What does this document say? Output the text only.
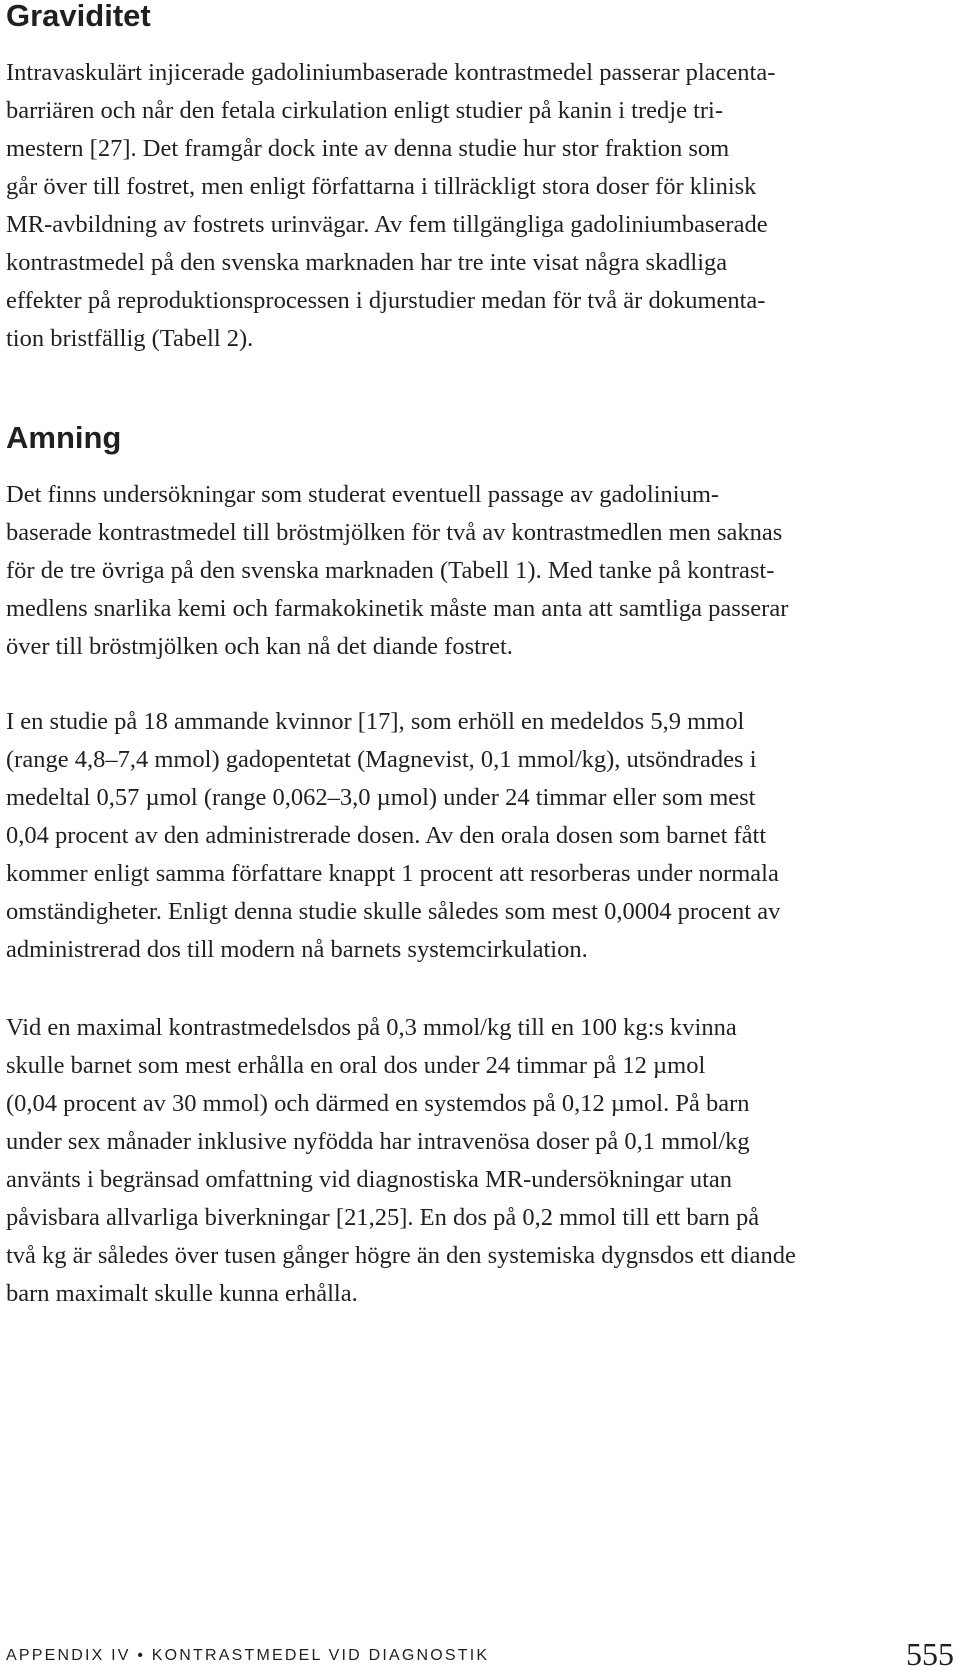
Graviditet

Intravaskulärt injicerade gadoliniumbaserade kontrastmedel passerar placenta-

barriären och når den fetala cirkulation enligt studier på kanin i tredje tri-

mestern [27]. Det framgår dock inte av denna studie hur stor fraktion som

går över till fostret, men enligt författarna i tillräckligt stora doser för klinisk

MR-avbildning av fostrets urinvägar. Av fem tillgängliga gadoliniumbaserade

kontrastmedel på den svenska marknaden har tre inte visat några skadliga

effekter på reproduktionsprocessen i djurstudier medan för två är dokumenta-

tion bristfällig (Tabell 2).

Amning

Det finns undersökningar som studerat eventuell passage av gadolinium-

baserade kontrastmedel till bröstmjölken för två av kontrastmedlen men saknas

för de tre övriga på den svenska marknaden (Tabell 1). Med tanke på kontrast-

medlens snarlika kemi och farmakokinetik måste man anta att samtliga passerar

över till bröstmjölken och kan nå det diande fostret.

I en studie på 18 ammande kvinnor [17], som erhöll en medeldos 5,9 mmol

(range 4,8–7,4 mmol) gadopentetat (Magnevist, 0,1 mmol/kg), utsöndrades i

medeltal 0,57 µmol (range 0,062–3,0 µmol) under 24 timmar eller som mest

0,04 procent av den administrerade dosen. Av den orala dosen som barnet fått

kommer enligt samma författare knappt 1 procent att resorberas under normala

omständigheter. Enligt denna studie skulle således som mest 0,0004 procent av

administrerad dos till modern nå barnets systemcirkulation.

Vid en maximal kontrastmedelsdos på 0,3 mmol/kg till en 100 kg:s kvinna

skulle barnet som mest erhålla en oral dos under 24 timmar på 12 µmol

(0,04 procent av 30 mmol) och därmed en systemdos på 0,12 µmol. På barn

under sex månader inklusive nyfödda har intravenösa doser på 0,1 mmol/kg

använts i begränsad omfattning vid diagnostiska MR-undersökningar utan

påvisbara allvarliga biverkningar [21,25]. En dos på 0,2 mmol till ett barn på

två kg är således över tusen gånger högre än den systemiska dygnsdos ett diande

barn maximalt skulle kunna erhålla.

APPENDIX IV • KONTRASTMEDEL VID DIAGNOSTIK	555
